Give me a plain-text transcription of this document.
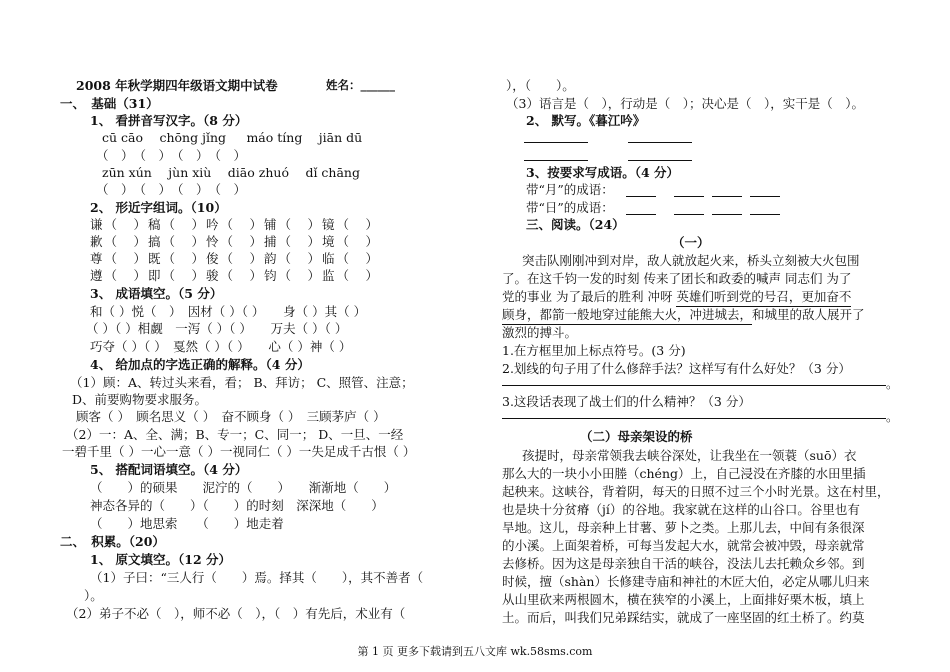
2008 年秋学期四年级语文期中试卷	姓名：______
一、　基础（31）
1、 看拼音写汉字。（8 分）
cū cāo　 chōng jǐng 　 máo tíng　 jiān dū
（　）　（　）　（　）　（　）
zūn xún　 jùn xiù　 diāo zhuó　 dǐ chāng
（　）　（　）　（　）　（　）
2、 形近字组词。（10）
谦（　）稿（　）吟（　）铺（　）镜（　）
歉（　）搞（　）怜（　）捕（　）境（　）
尊（　）既（　）俊（　）韵（　）临（　）
遵（　）即（　）骏（　）钧（　）监（　）
3、 成语填空。（5 分）
和（ ）悦（　）　因材（ ）（ ）　　身（ ）其（ ）
（ ）（ ）相觑　一泻（ ）（ ）　　万夫（ ）（ ）
巧夺（ ）（ ）　戛然（ ）（ ）　　心（ ）神（ ）
4、 给加点的字选正确的解释。（4 分）
（1）顾：A、转过头来看，看； B、拜访； C、照管、注意；
D、前要购物要求服务。
顾客（ ）　顾名思义（ ）　奋不顾身（ ）　三顾茅庐（ ）
（2）一：A、全、满；B、专一；C、同一； D、一旦、一经
一碧千里（ ）一心一意（ ）一视同仁（ ）一失足成千古恨（ ）
5、 搭配词语填空。（4 分）
（　　）的硕果　　泥泞的（　　）　　渐渐地（　　）
神态各异的（　　）（　　）的时刻　深深地（　　）
（　　）地思索　　（　　）地走着
二、　积累。（20）
1、 原文填空。（12 分）
（1）子曰：“三人行（　　）焉。择其（　　），其不善者（
）。
（2）弟子不必（　），师不必（　），（　）有先后，术业有（
），（　　）。
（3）语言是（　），行动是（　）；决心是（　），实干是（　）。
2、 默写。《暮江吟》
3、按要求写成语。（4 分）
带“月”的成语：
带“日”的成语：
三、阅读。（24）
（一）
突击队刚刚冲到对岸，敌人就放起火来，桥头立刻被大火包围
了。在这千钧一发的时刻 传来了团长和政委的喊声 同志们 为了
党的事业 为了最后的胜利 冲呀 英雄们听到党的号召，更加奋不
顾身，都箭一般地穿过能熊大火，冲进城去，和城里的敌人展开了
激烈的搏斗。
1.在方框里加上标点符号。(3 分)
2.划线的句子用了什么修辞手法？这样写有什么好处？（3 分）
。
3.这段话表现了战士们的什么精神？（3 分）
。
（二）母亲架设的桥
孩提时，母亲常领我去峡谷深处，让我坐在一领蓑（suō）衣
那么大的一块小小田塍（chéng）上，自己浸没在齐膝的水田里插
起秧来。这峡谷，背着阴，每天的日照不过三个小时光景。这在村里，
也是块十分贫瘠（jí）的谷地。我家就在这样的山谷口。谷里也有
旱地。这儿，母亲种上甘薯、萝卜之类。上那儿去，中间有条很深
的小溪。上面架着桥，可每当发起大水，就常会被冲毁，母亲就常
去修桥。因为这是母亲独自干活的峡谷，没法儿去托赖众乡邻。到
时候，擅（shàn）长修建寺庙和神社的木匠大伯，必定从哪儿归来
从山里砍来两根圆木，横在狭窄的小溪上，上面排好栗木板，填上
土。而后，叫我们兄弟踩结实，就成了一座坚固的红土桥了。约莫
第 1 页 更多下载请到五八文库 wk.58sms.com
